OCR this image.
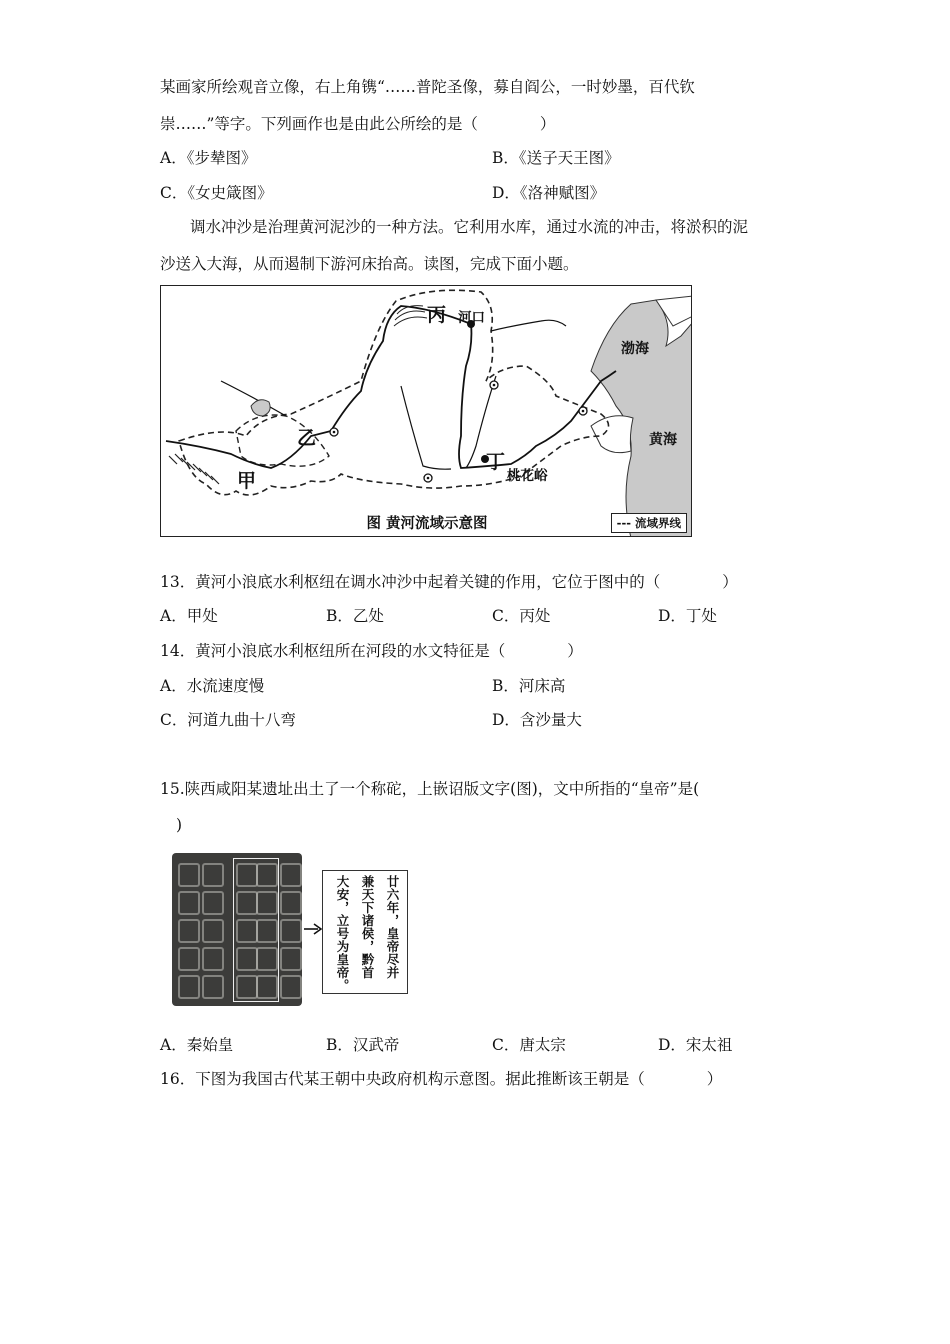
某画家所绘观音立像，右上角镌“……普陀圣像，募自阎公，一时妙墨，百代钦
崇……”等字。下列画作也是由此公所绘的是（　　　　）
A．《步辇图》	B．《送子天王图》
C．《女史箴图》	D．《洛神赋图》
调水冲沙是治理黄河泥沙的一种方法。它利用水库，通过水流的冲击，将淤积的泥
沙送入大海，从而遏制下游河床抬高。读图，完成下面小题。
丙 河口
渤海
乙
甲
黄海
丁
桃花峪
图 黄河流域示意图	--- 流域界线
13．黄河小浪底水利枢纽在调水冲沙中起着关键的作用，它位于图中的（　　　　）
A．甲处	B．乙处	C．丙处	D．丁处
14．黄河小浪底水利枢纽所在河段的水文特征是（　　　　）
A．水流速度慢	B．河床高
C．河道九曲十八弯	D．含沙量大
15.陕西咸阳某遗址出土了一个称砣，上嵌诏版文字(图)，文中所指的“皇帝”是(
)
廿六年，皇帝尽并
兼天下诸侯，黔首
大安，立号为皇帝。
A．秦始皇	B．汉武帝	C．唐太宗	D．宋太祖
16．下图为我国古代某王朝中央政府机构示意图。据此推断该王朝是（　　　　）
